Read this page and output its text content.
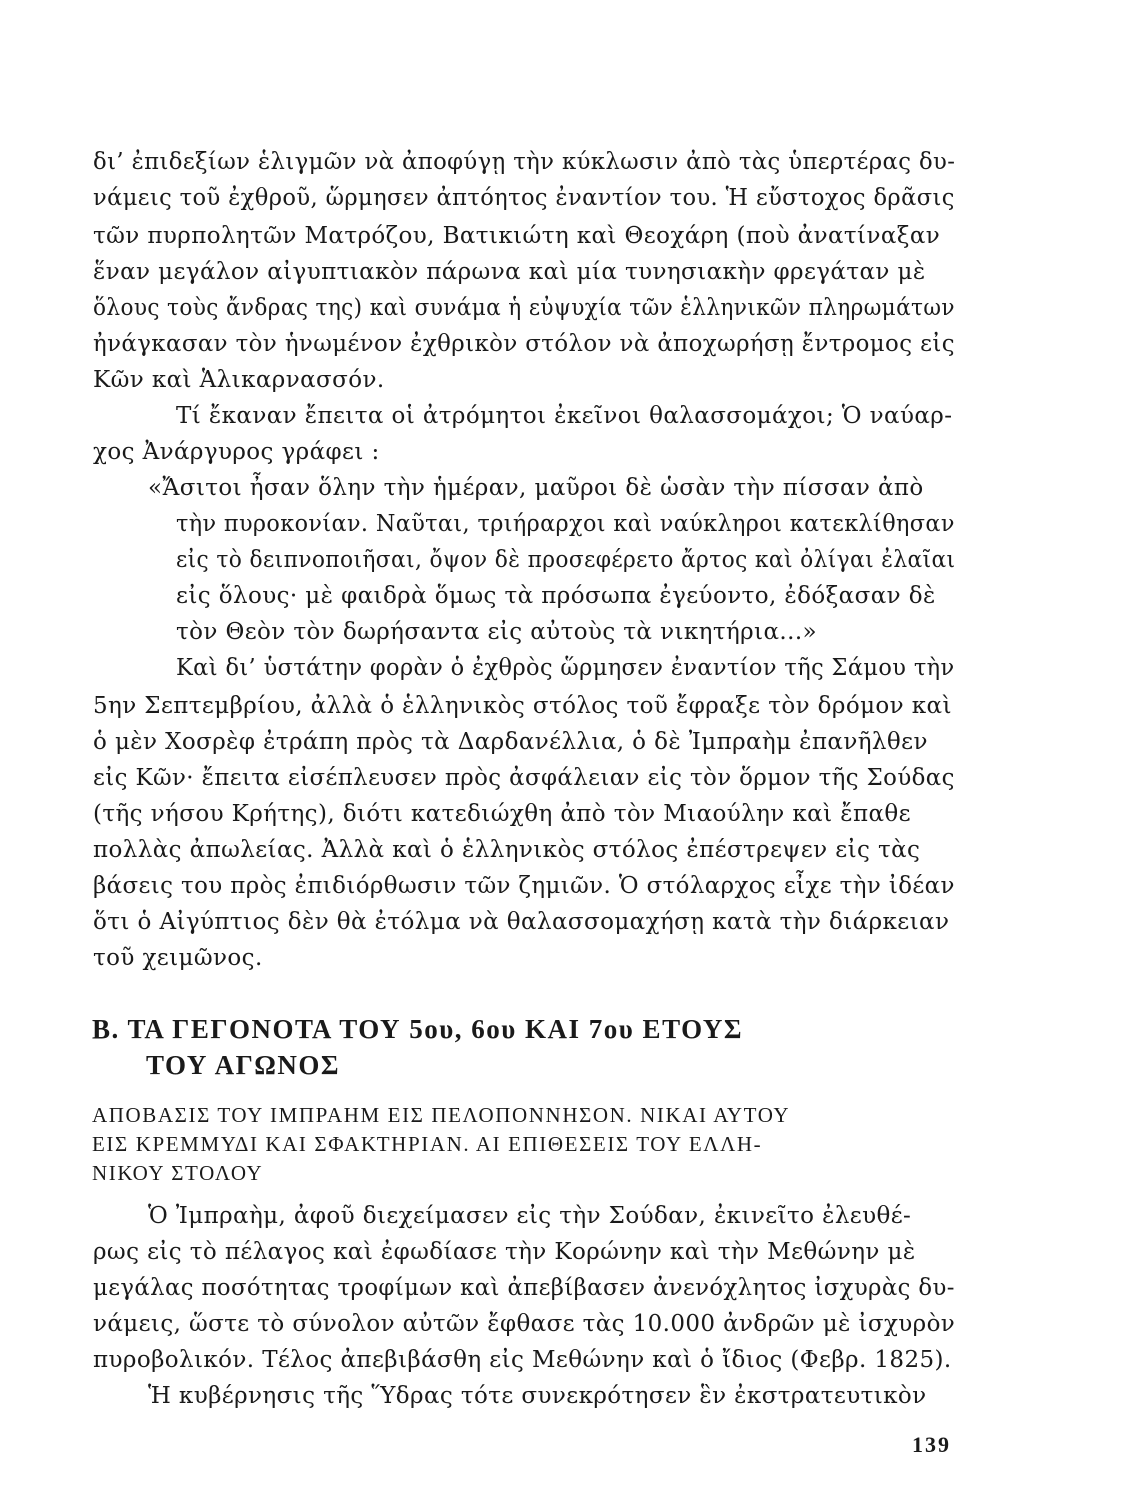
δι’ ἐπιδεξίων ἑλιγμῶν νὰ ἀποφύγῃ τὴν κύκλωσιν ἀπὸ τὰς ὑπερτέρας δυ-
νάμεις τοῦ ἐχθροῦ, ὥρμησεν ἀπτόητος ἐναντίον του. Ἡ εὔστοχος δρᾶσις
τῶν πυρπολητῶν Ματρόζου, Βατικιώτη καὶ Θεοχάρη (ποὺ ἀνατίναξαν
ἕναν μεγάλον αἰγυπτιακὸν πάρωνα καὶ μία τυνησιακὴν φρεγάταν μὲ
ὅλους τοὺς ἄνδρας της) καὶ συνάμα ἡ εὐψυχία τῶν ἑλληνικῶν πληρωμάτων
ἠνάγκασαν τὸν ἡνωμένον ἐχθρικὸν στόλον νὰ ἀποχωρήσῃ ἔντρομος εἰς
Κῶν καὶ Ἁλικαρνασσόν.
Τί ἔκαναν ἔπειτα οἱ ἀτρόμητοι ἐκεῖνοι θαλασσομάχοι; Ὁ ναύαρ-
χος Ἀνάργυρος γράφει :
«Ἄσιτοι ἦσαν ὅλην τὴν ἡμέραν, μαῦροι δὲ ὡσὰν τὴν πίσσαν ἀπὸ
τὴν πυροκονίαν. Ναῦται, τριήραρχοι καὶ ναύκληροι κατεκλίθησαν
εἰς τὸ δειπνοποιῆσαι, ὄψον δὲ προσεφέρετο ἄρτος καὶ ὀλίγαι ἐλαῖαι
εἰς ὅλους· μὲ φαιδρὰ ὅμως τὰ πρόσωπα ἐγεύοντο, ἐδόξασαν δὲ
τὸν Θεὸν τὸν δωρήσαντα εἰς αὐτοὺς τὰ νικητήρια...»
Καὶ δι’ ὑστάτην φορὰν ὁ ἐχθρὸς ὥρμησεν ἐναντίον τῆς Σάμου τὴν
5ην Σεπτεμβρίου, ἀλλὰ ὁ ἑλληνικὸς στόλος τοῦ ἔφραξε τὸν δρόμον καὶ
ὁ μὲν Χοσρὲφ ἐτράπη πρὸς τὰ Δαρδανέλλια, ὁ δὲ Ἰμπραὴμ ἐπανῆλθεν
εἰς Κῶν· ἔπειτα εἰσέπλευσεν πρὸς ἀσφάλειαν εἰς τὸν ὅρμον τῆς Σούδας
(τῆς νήσου Κρήτης), διότι κατεδιώχθη ἀπὸ τὸν Μιαούλην καὶ ἔπαθε
πολλὰς ἀπωλείας. Ἀλλὰ καὶ ὁ ἑλληνικὸς στόλος ἐπέστρεψεν εἰς τὰς
βάσεις του πρὸς ἐπιδιόρθωσιν τῶν ζημιῶν. Ὁ στόλαρχος εἶχε τὴν ἰδέαν
ὅτι ὁ Αἰγύπτιος δὲν θὰ ἐτόλμα νὰ θαλασσομαχήσῃ κατὰ τὴν διάρκειαν
τοῦ χειμῶνος.
Β. ΤΑ ΓΕΓΟΝΟΤΑ ΤΟΥ 5ου, 6ου ΚΑΙ 7ου ΕΤΟΥΣ
ΤΟΥ ΑΓΩΝΟΣ
ΑΠΟΒΑΣΙΣ ΤΟΥ ΙΜΠΡΑΗΜ ΕΙΣ ΠΕΛΟΠΟΝΝΗΣΟΝ. ΝΙΚΑΙ ΑΥΤΟΥ
ΕΙΣ ΚΡΕΜΜΥΔΙ ΚΑΙ ΣΦΑΚΤΗΡΙΑΝ. ΑΙ ΕΠΙΘΕΣΕΙΣ ΤΟΥ ΕΛΛΗ-
ΝΙΚΟΥ ΣΤΟΛΟΥ
Ὁ Ἰμπραὴμ, ἀφοῦ διεχείμασεν εἰς τὴν Σούδαν, ἐκινεῖτο ἐλευθέ-
ρως εἰς τὸ πέλαγος καὶ ἐφωδίασε τὴν Κορώνην καὶ τὴν Μεθώνην μὲ
μεγάλας ποσότητας τροφίμων καὶ ἀπεβίβασεν ἀνενόχλητος ἰσχυρὰς δυ-
νάμεις, ὥστε τὸ σύνολον αὐτῶν ἔφθασε τὰς 10.000 ἀνδρῶν μὲ ἰσχυρὸν
πυροβολικόν. Τέλος ἀπεβιβάσθη εἰς Μεθώνην καὶ ὁ ἴδιος (Φεβρ. 1825).
Ἡ κυβέρνησις τῆς Ὕδρας τότε συνεκρότησεν ἓν ἐκστρατευτικὸν
139
